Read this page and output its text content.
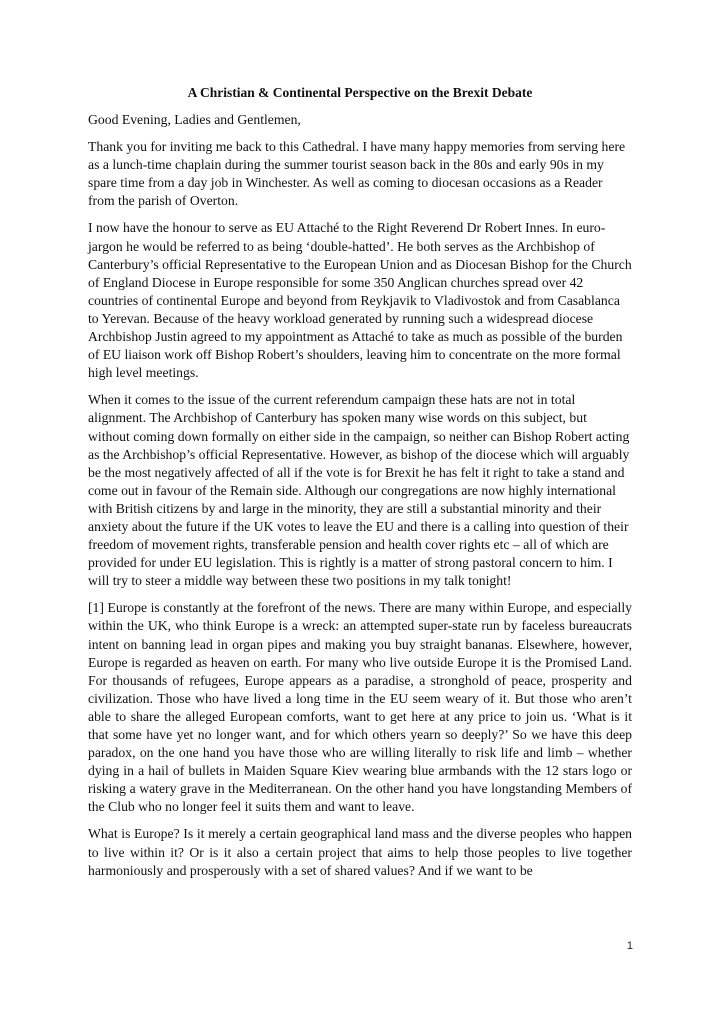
A Christian & Continental Perspective on the Brexit Debate

Good Evening, Ladies and Gentlemen,

Thank you for inviting me back to this Cathedral. I have many happy memories from serving here as a lunch-time chaplain during the summer tourist season back in the 80s and early 90s in my spare time from a day job in Winchester. As well as coming to diocesan occasions as a Reader from the parish of Overton.

I now have the honour to serve as EU Attaché to the Right Reverend Dr Robert Innes. In euro-jargon he would be referred to as being ‘double-hatted’. He both serves as the Archbishop of Canterbury’s official Representative to the European Union and as Diocesan Bishop for the Church of England Diocese in Europe responsible for some 350 Anglican churches spread over 42 countries of continental Europe and beyond from Reykjavik to Vladivostok and from Casablanca to Yerevan. Because of the heavy workload generated by running such a widespread diocese Archbishop Justin agreed to my appointment as Attaché to take as much as possible of the burden of EU liaison work off Bishop Robert’s shoulders, leaving him to concentrate on the more formal high level meetings.

When it comes to the issue of the current referendum campaign these hats are not in total alignment. The Archbishop of Canterbury has spoken many wise words on this subject, but without coming down formally on either side in the campaign, so neither can Bishop Robert acting as the Archbishop’s official Representative. However, as bishop of the diocese which will arguably be the most negatively affected of all if the vote is for Brexit he has felt it right to take a stand and come out in favour of the Remain side. Although our congregations are now highly international with British citizens by and large in the minority, they are still a substantial minority and their anxiety about the future if the UK votes to leave the EU and there is a calling into question of their freedom of movement rights, transferable pension and health cover rights etc – all of which are provided for under EU legislation. This is rightly is a matter of strong pastoral concern to him. I will try to steer a middle way between these two positions in my talk tonight!

[1] Europe is constantly at the forefront of the news. There are many within Europe, and especially within the UK, who think Europe is a wreck: an attempted super-state run by faceless bureaucrats intent on banning lead in organ pipes and making you buy straight bananas. Elsewhere, however, Europe is regarded as heaven on earth. For many who live outside Europe it is the Promised Land. For thousands of refugees, Europe appears as a paradise, a stronghold of peace, prosperity and civilization. Those who have lived a long time in the EU seem weary of it. But those who aren’t able to share the alleged European comforts, want to get here at any price to join us. ‘What is it that some have yet no longer want, and for which others yearn so deeply?’ So we have this deep paradox, on the one hand you have those who are willing literally to risk life and limb – whether dying in a hail of bullets in Maiden Square Kiev wearing blue armbands with the 12 stars logo or risking a watery grave in the Mediterranean. On the other hand you have longstanding Members of the Club who no longer feel it suits them and want to leave.

What is Europe? Is it merely a certain geographical land mass and the diverse peoples who happen to live within it? Or is it also a certain project that aims to help those peoples to live together harmoniously and prosperously with a set of shared values? And if we want to be

1
